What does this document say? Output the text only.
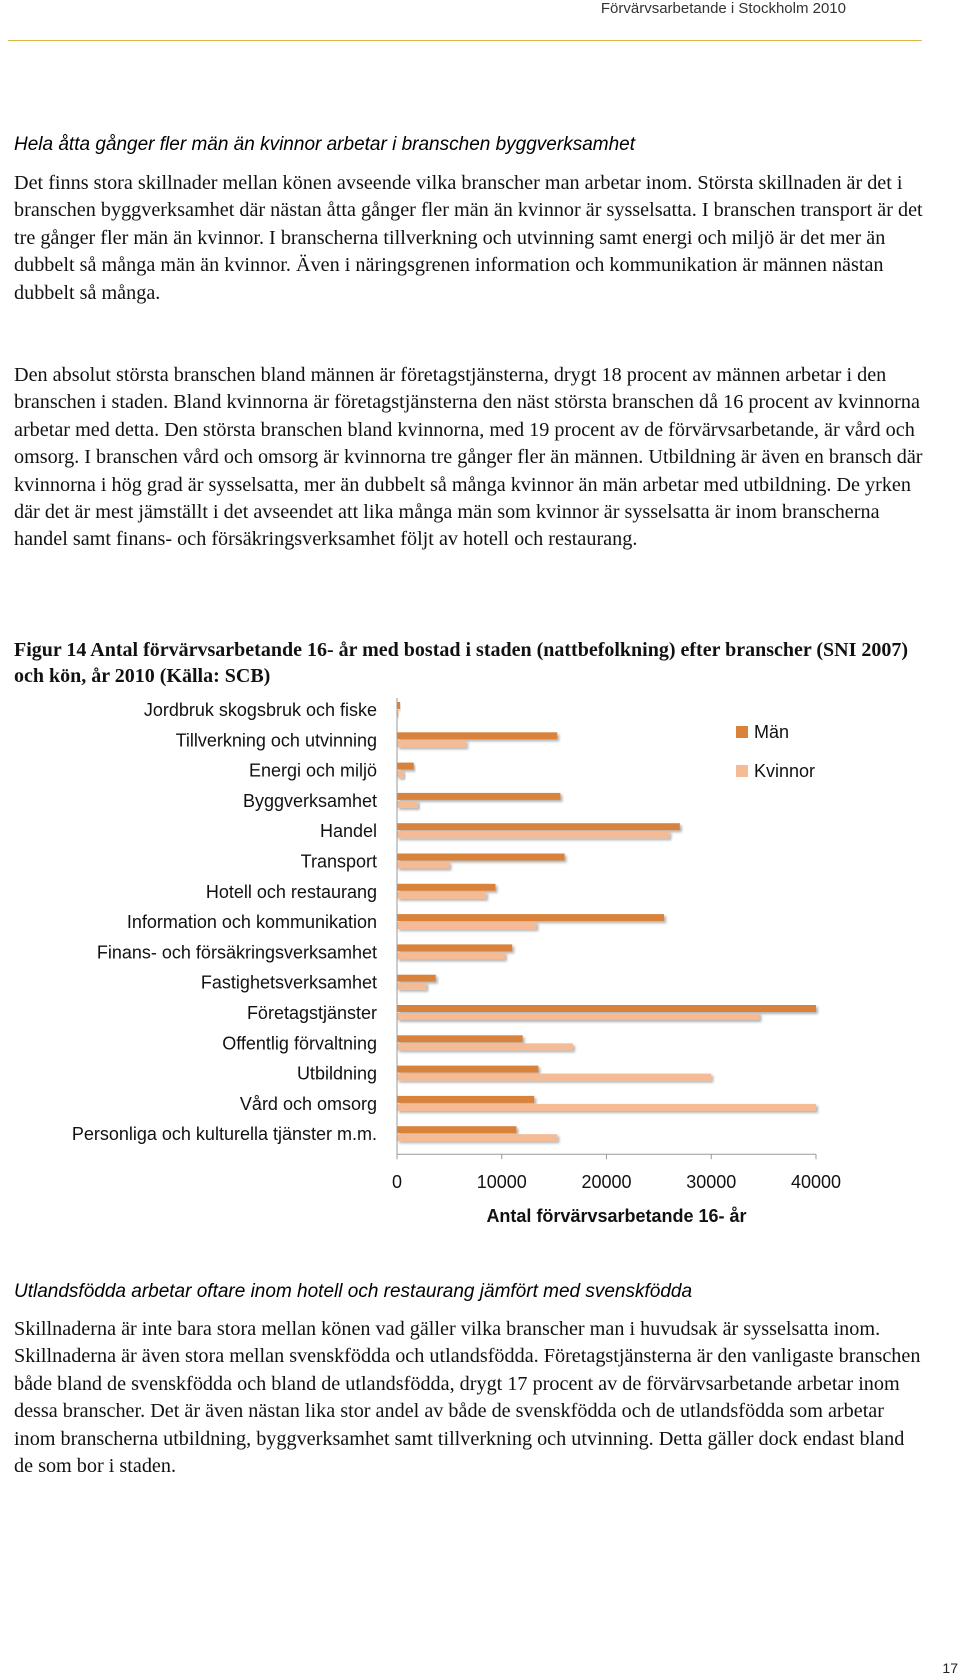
Förvärvsarbetande i Stockholm 2010
Hela åtta gånger fler män än kvinnor arbetar i branschen byggverksamhet

Det finns stora skillnader mellan könen avseende vilka branscher man arbetar inom. Största skillnaden är det i branschen byggverksamhet där nästan åtta gånger fler män än kvinnor är sysselsatta. I branschen transport är det tre gånger fler män än kvinnor. I branscherna tillverkning och utvinning samt energi och miljö är det mer än dubbelt så många män än kvinnor. Även i näringsgrenen information och kommunikation är männen nästan dubbelt så många.

Den absolut största branschen bland männen är företagstjänsterna, drygt 18 procent av männen arbetar i den branschen i staden. Bland kvinnorna är företagstjänsterna den näst största branschen då 16 procent av kvinnorna arbetar med detta. Den största branschen bland kvinnorna, med 19 procent av de förvärvsarbetande, är vård och omsorg. I branschen vård och omsorg är kvinnorna tre gånger fler än männen. Utbildning är även en bransch där kvinnorna i hög grad är sysselsatta, mer än dubbelt så många kvinnor än män arbetar med utbildning. De yrken där det är mest jämställt i det avseendet att lika många män som kvinnor är sysselsatta är inom branscherna handel samt finans- och försäkringsverksamhet följt av hotell och restaurang.

Figur 14 Antal förvärvsarbetande 16- år med bostad i staden (nattbefolkning) efter branscher (SNI 2007) och kön, år 2010 (Källa: SCB)

Jordbruk skogsbruk och fiske
Tillverkning och utvinning
Energi och miljö
Byggverksamhet
Handel
Transport
Hotell och restaurang
Information och kommunikation
Finans- och försäkringsverksamhet
Fastighetsverksamhet
Företagstjänster
Offentlig förvaltning
Utbildning
Vård och omsorg
Personliga och kulturella tjänster m.m.
0	10000	20000	30000	40000
Antal förvärvsarbetande 16- år
Män
Kvinnor
Utlandsfödda arbetar oftare inom hotell och restaurang jämfört med svenskfödda

Skillnaderna är inte bara stora mellan könen vad gäller vilka branscher man i huvudsak är sysselsatta inom. Skillnaderna är även stora mellan svenskfödda och utlandsfödda. Företagstjänsterna är den vanligaste branschen både bland de svenskfödda och bland de utlandsfödda, drygt 17 procent av de förvärvsarbetande arbetar inom dessa branscher. Det är även nästan lika stor andel av både de svenskfödda och de utlandsfödda som arbetar inom branscherna utbildning, byggverksamhet samt tillverkning och utvinning. Detta gäller dock endast bland de som bor i staden.

17
